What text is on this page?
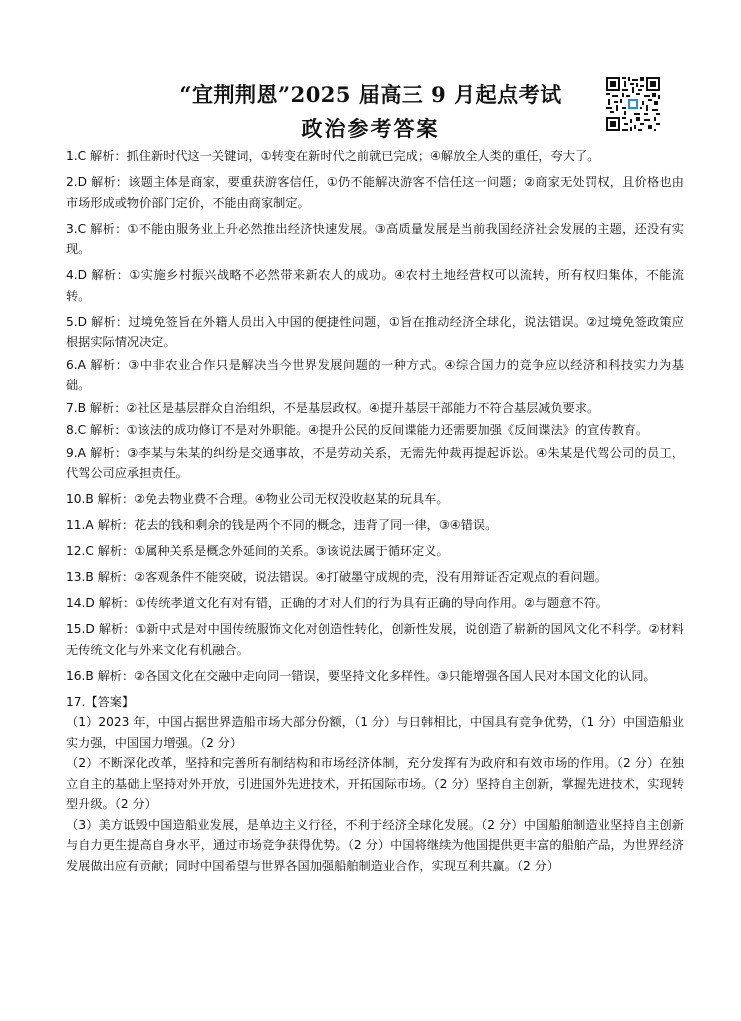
“宜荆荆恩”2025 届高三 9 月起点考试
政治参考答案

1.C 解析：抓住新时代这一关键词，①转变在新时代之前就已完成；④解放全人类的重任，夸大了。

2.D 解析：该题主体是商家，要重获游客信任，①仍不能解决游客不信任这一问题；②商家无处罚权，且价格也由市场形成或物价部门定价，不能由商家制定。

3.C 解析：①不能由服务业上升必然推出经济快速发展。③高质量发展是当前我国经济社会发展的主题，还没有实现。

4.D 解析：①实施乡村振兴战略不必然带来新农人的成功。④农村土地经营权可以流转，所有权归集体，不能流转。

5.D 解析：过境免签旨在外籍人员出入中国的便捷性问题，①旨在推动经济全球化，说法错误。②过境免签政策应根据实际情况决定。

6.A 解析：③中非农业合作只是解决当今世界发展问题的一种方式。④综合国力的竞争应以经济和科技实力为基础。

7.B 解析：②社区是基层群众自治组织，不是基层政权。④提升基层干部能力不符合基层减负要求。

8.C 解析：①该法的成功修订不是对外职能。④提升公民的反间谍能力还需要加强《反间谍法》的宣传教育。

9.A 解析：③李某与朱某的纠纷是交通事故，不是劳动关系，无需先仲裁再提起诉讼。④朱某是代驾公司的员工，代驾公司应承担责任。

10.B 解析：②免去物业费不合理。④物业公司无权没收赵某的玩具车。

11.A 解析：花去的钱和剩余的钱是两个不同的概念，违背了同一律，③④错误。

12.C 解析：①属种关系是概念外延间的关系。③该说法属于循环定义。

13.B 解析：②客观条件不能突破，说法错误。④打破墨守成规的壳，没有用辩证否定观点的看问题。

14.D 解析：①传统孝道文化有对有错，正确的才对人们的行为具有正确的导向作用。②与题意不符。

15.D 解析：①新中式是对中国传统服饰文化对创造性转化，创新性发展，说创造了崭新的国风文化不科学。②材料无传统文化与外来文化有机融合。

16.B 解析：②各国文化在交融中走向同一错误，要坚持文化多样性。③只能增强各国人民对本国文化的认同。

17.【答案】

（1）2023 年，中国占据世界造船市场大部分份额，（1 分）与日韩相比，中国具有竞争优势，（1 分）中国造船业实力强，中国国力增强。（2 分）

（2）不断深化改革，坚持和完善所有制结构和市场经济体制，充分发挥有为政府和有效市场的作用。（2 分）在独立自主的基础上坚持对外开放，引进国外先进技术，开拓国际市场。（2 分）坚持自主创新，掌握先进技术，实现转型升级。（2 分）

（3）美方诋毁中国造船业发展，是单边主义行径，不利于经济全球化发展。（2 分）中国船舶制造业坚持自主创新与自力更生提高自身水平，通过市场竞争获得优势。（2 分）中国将继续为他国提供更丰富的船舶产品，为世界经济发展做出应有贡献；同时中国希望与世界各国加强船舶制造业合作，实现互利共赢。（2 分）
